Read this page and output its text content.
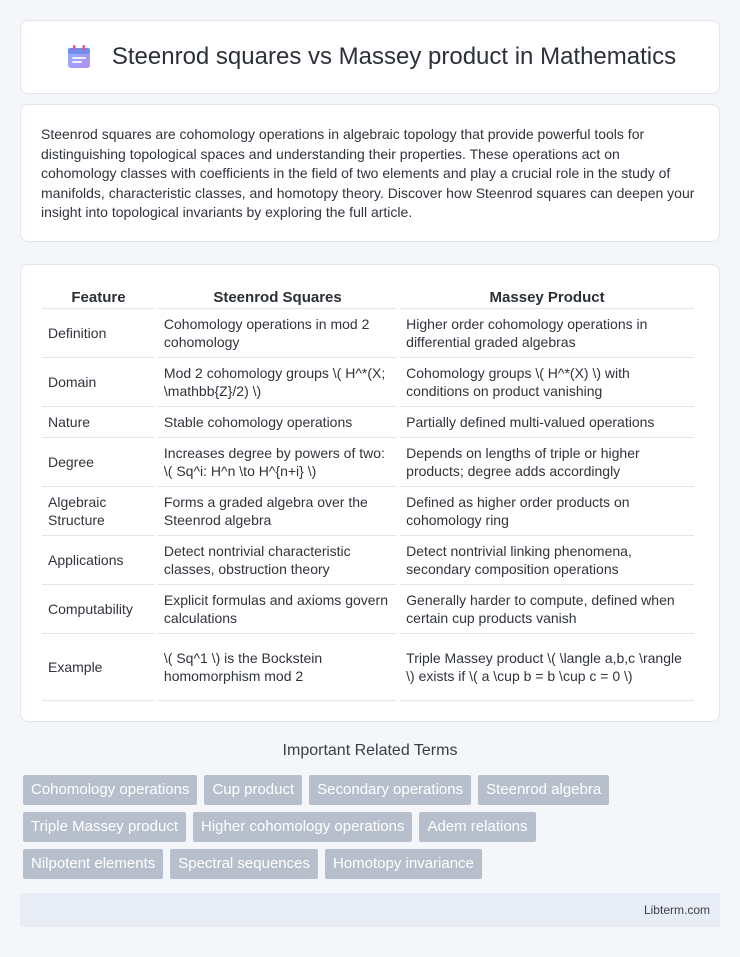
Steenrod squares vs Massey product in Mathematics

Steenrod squares are cohomology operations in algebraic topology that provide powerful tools for distinguishing topological spaces and understanding their properties. These operations act on cohomology classes with coefficients in the field of two elements and play a crucial role in the study of manifolds, characteristic classes, and homotopy theory. Discover how Steenrod squares can deepen your insight into topological invariants by exploring the full article.

Feature	Steenrod Squares	Massey Product
Definition	Cohomology operations in mod 2 cohomology	Higher order cohomology operations in differential graded algebras
Domain	Mod 2 cohomology groups \( H^*(X; \mathbb{Z}/2) \)	Cohomology groups \( H^*(X) \) with conditions on product vanishing
Nature	Stable cohomology operations	Partially defined multi-valued operations
Degree	Increases degree by powers of two: \( Sq^i: H^n \to H^{n+i} \)	Depends on lengths of triple or higher products; degree adds accordingly
Algebraic Structure	Forms a graded algebra over the Steenrod algebra	Defined as higher order products on cohomology ring
Applications	Detect nontrivial characteristic classes, obstruction theory	Detect nontrivial linking phenomena, secondary composition operations
Computability	Explicit formulas and axioms govern calculations	Generally harder to compute, defined when certain cup products vanish
Example	\( Sq^1 \) is the Bockstein homomorphism mod 2	Triple Massey product \( \langle a,b,c \rangle \) exists if \( a \cup b = b \cup c = 0 \)
Important Related Terms
Cohomology operations	Cup product	Secondary operations	Steenrod algebra
Triple Massey product	Higher cohomology operations	Adem relations
Nilpotent elements	Spectral sequences	Homotopy invariance
Libterm.com
